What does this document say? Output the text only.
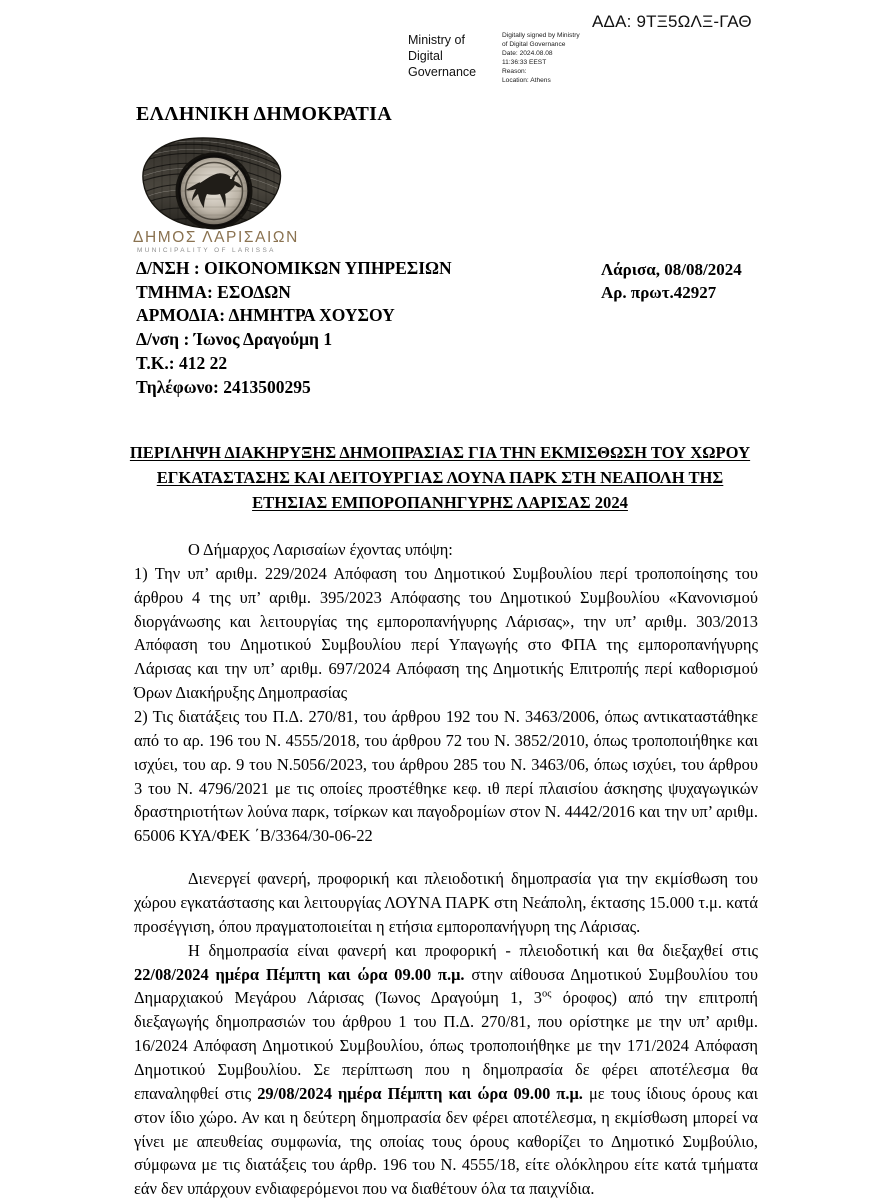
ΑΔΑ: 9ΤΞ5ΩΛΞ-ΓΑΘ
Ministry of Digital Governance
Digitally signed by Ministry
of Digital Governance
Date: 2024.08.08
11:36:33 EEST
Reason:
Location: Athens
ΕΛΛΗΝΙΚΗ ΔΗΜΟΚΡΑΤΙΑ
ΔΗΜΟΣ ΛΑΡΙΣΑΙΩΝ
MUNICIPALITY OF LARISSA
Δ/ΝΣΗ : ΟΙΚΟΝΟΜΙΚΩΝ ΥΠΗΡΕΣΙΩΝ
ΤΜΗΜΑ: ΕΣΟΔΩΝ
ΑΡΜΟΔΙΑ: ΔΗΜΗΤΡΑ ΧΟΥΣΟΥ
Δ/νση : Ίωνος Δραγούμη 1
Τ.Κ.: 412 22
Τηλέφωνο: 2413500295
Λάρισα, 08/08/2024
Αρ. πρωτ.42927
ΠΕΡΙΛΗΨΗ ΔΙΑΚΗΡΥΞΗΣ ΔΗΜΟΠΡΑΣΙΑΣ ΓΙΑ ΤΗΝ ΕΚΜΙΣΘΩΣΗ ΤΟΥ ΧΩΡΟΥ
ΕΓΚΑΤΑΣΤΑΣΗΣ ΚΑΙ ΛΕΙΤΟΥΡΓΙΑΣ ΛΟΥΝΑ ΠΑΡΚ ΣΤΗ ΝΕΑΠΟΛΗ ΤΗΣ
ΕΤΗΣΙΑΣ ΕΜΠΟΡΟΠΑΝΗΓΥΡΗΣ ΛΑΡΙΣΑΣ 2024

Ο Δήμαρχος Λαρισαίων έχοντας υπόψη:

1) Την υπ’ αριθμ. 229/2024 Απόφαση του Δημοτικού Συμβουλίου περί τροποποίησης του άρθρου 4 της υπ’ αριθμ. 395/2023 Απόφασης του Δημοτικού Συμβουλίου «Κανονισμού διοργάνωσης και λειτουργίας της εμποροπανήγυρης Λάρισας», την υπ’ αριθμ. 303/2013 Απόφαση του Δημοτικού Συμβουλίου περί Υπαγωγής στο ΦΠΑ της εμποροπανήγυρης Λάρισας και την υπ’ αριθμ. 697/2024 Απόφαση της Δημοτικής Επιτροπής περί καθορισμού Όρων Διακήρυξης Δημοπρασίας

2) Τις διατάξεις του Π.Δ. 270/81, του άρθρου 192 του Ν. 3463/2006, όπως αντικαταστάθηκε από το αρ. 196 του Ν. 4555/2018, του άρθρου 72 του Ν. 3852/2010, όπως τροποποιήθηκε και ισχύει, του αρ. 9 του Ν.5056/2023, του άρθρου 285 του Ν. 3463/06, όπως ισχύει, του άρθρου 3 του Ν. 4796/2021 με τις οποίες προστέθηκε κεφ. ιθ περί πλαισίου άσκησης ψυχαγωγικών δραστηριοτήτων λούνα παρκ, τσίρκων και παγοδρομίων στον Ν. 4442/2016 και την υπ’ αριθμ. 65006 ΚΥΑ/ΦΕΚ ΄Β/3364/30-06-22

Διενεργεί φανερή, προφορική και πλειοδοτική δημοπρασία για την εκμίσθωση του χώρου εγκατάστασης και λειτουργίας ΛΟΥΝΑ ΠΑΡΚ στη Νεάπολη, έκτασης 15.000 τ.μ. κατά προσέγγιση, όπου πραγματοποιείται η ετήσια εμποροπανήγυρη της Λάρισας.

Η δημοπρασία είναι φανερή και προφορική - πλειοδοτική και θα διεξαχθεί στις 22/08/2024 ημέρα Πέμπτη και ώρα 09.00 π.μ. στην αίθουσα Δημοτικού Συμβουλίου του Δημαρχιακού Μεγάρου Λάρισας (Ίωνος Δραγούμη 1, $3^{o\varsigma}$ όροφος) από την επιτροπή διεξαγωγής δημοπρασιών του άρθρου 1 του Π.Δ. 270/81, που ορίστηκε με την υπ’ αριθμ. 16/2024 Απόφαση Δημοτικού Συμβουλίου, όπως τροποποιήθηκε με την 171/2024 Απόφαση Δημοτικού Συμβουλίου. Σε περίπτωση που η δημοπρασία δε φέρει αποτέλεσμα θα επαναληφθεί στις 29/08/2024 ημέρα Πέμπτη και ώρα 09.00 π.μ. με τους ίδιους όρους και στον ίδιο χώρο. Αν και η δεύτερη δημοπρασία δεν φέρει αποτέλεσμα, η εκμίσθωση μπορεί να γίνει με απευθείας συμφωνία, της οποίας τους όρους καθορίζει το Δημοτικό Συμβούλιο, σύμφωνα με τις διατάξεις του άρθρ. 196 του Ν. 4555/18, είτε ολόκληρου είτε κατά τμήματα εάν δεν υπάρχουν ενδιαφερόμενοι που να διαθέτουν όλα τα παιχνίδια.
